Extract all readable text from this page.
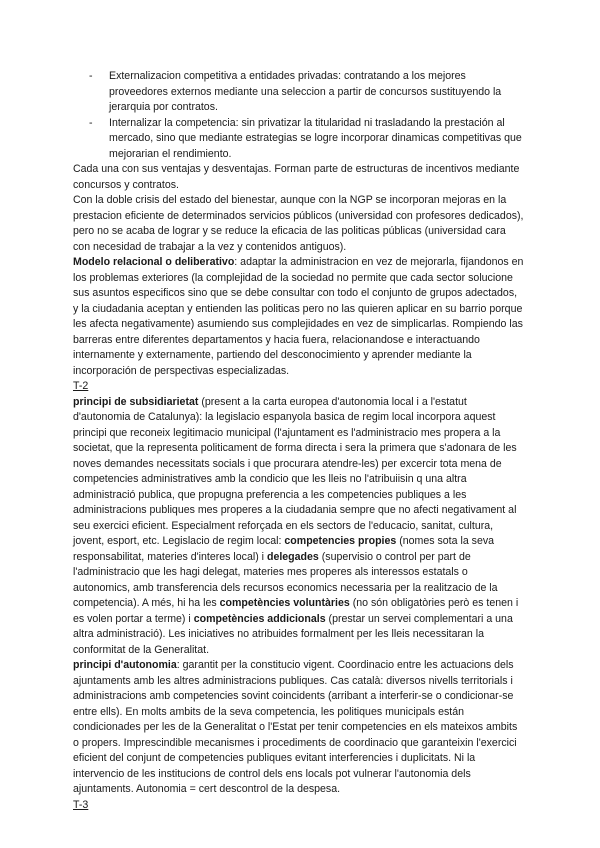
- Externalizacion competitiva a entidades privadas: contratando a los mejores proveedores externos mediante una seleccion a partir de concursos sustituyendo la jerarquia por contratos.
- Internalizar la competencia: sin privatizar la titularidad ni trasladando la prestación al mercado, sino que mediante estrategias se logre incorporar dinamicas competitivas que mejorarian el rendimiento.

Cada una con sus ventajas y desventajas. Forman parte de estructuras de incentivos mediante concursos y contratos.

Con la doble crisis del estado del bienestar, aunque con la NGP se incorporan mejoras en la prestacion eficiente de determinados servicios públicos (universidad con profesores dedicados), pero no se acaba de lograr y se reduce la eficacia de las politicas públicas (universidad cara con necesidad de trabajar a la vez y contenidos antiguos).

Modelo relacional o deliberativo: adaptar la administracion en vez de mejorarla, fijandonos en los problemas exteriores (la complejidad de la sociedad no permite que cada sector solucione sus asuntos especificos sino que se debe consultar con todo el conjunto de grupos adectados, y la ciudadania aceptan y entienden las politicas pero no las quieren aplicar en su barrio porque les afecta negativamente) asumiendo sus complejidades en vez de simplicarlas. Rompiendo las barreras entre diferentes departamentos y hacia fuera, relacionandose e interactuando internamente y externamente, partiendo del desconocimiento y aprender mediante la incorporación de perspectivas especializadas.

T-2

principi de subsidiarietat (present a la carta europea d'autonomia local i a l'estatut d'autonomia de Catalunya): la legislacio espanyola basica de regim local incorpora aquest principi que reconeix legitimacio municipal (l'ajuntament es l'administracio mes propera a la societat, que la representa politicament de forma directa i sera la primera que s'adonara de les noves demandes necessitats socials i que procurara atendre-les) per excercir tota mena de competencies administratives amb la condicio que les lleis no l'atribuiisin q una altra administració publica, que propugna preferencia a les competencies publiques a les administracions publiques mes properes a la ciudadania sempre que no afecti negativament al seu exercici eficient. Especialment reforçada en els sectors de l'educacio, sanitat, cultura, jovent, esport, etc. Legislacio de regim local: competencies propies (nomes sota la seva responsabilitat, materies d'interes local) i delegades (supervisio o control per part de l'administracio que les hagi delegat, materies mes properes als interessos estatals o autonomics, amb transferencia dels recursos economics necessaria per la realitzacio de la competencia). A més, hi ha les competències voluntàries (no són obligatòries però es tenen i es volen portar a terme) i competències addicionals (prestar un servei complementari a una altra administració). Les iniciatives no atribuides formalment per les lleis necessitaran la conformitat de la Generalitat.

principi d'autonomia: garantit per la constitucio vigent. Coordinacio entre les actuacions dels ajuntaments amb les altres administracions publiques. Cas català: diversos nivells territorials i administracions amb competencies sovint coincidents (arribant a interferir-se o condicionar-se entre ells). En molts ambits de la seva competencia, les politiques municipals están condicionades per les de la Generalitat o l'Estat per tenir competencies en els mateixos ambits o propers. Imprescindible mecanismes i procediments de coordinacio que garanteixin l'exercici eficient del conjunt de competencies publiques evitant interferencies i duplicitats. Ni la intervencio de les institucions de control dels ens locals pot vulnerar l'autonomia dels ajuntaments. Autonomia = cert descontrol de la despesa.

T-3
